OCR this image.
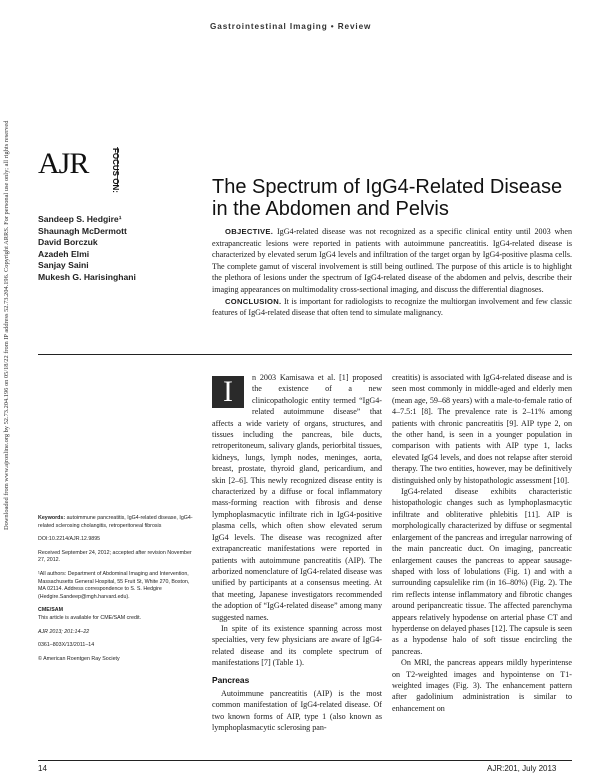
Gastrointestinal Imaging • Review
Downloaded from www.ajronline.org by 52.73.204.196 on 05/18/22 from IP address 52.73.204.196. Copyright ARRS. For personal use only; all rights reserved AJR	FOCUS ON:	The Spectrum of IgG4-Related Disease in the Abdomen and Pelvis
Sandeep S. Hedgire¹
Shaunagh McDermott
David Borczuk
Azadeh Elmi
Sanjay Saini
Mukesh G. Harisinghani

OBJECTIVE. IgG4-related disease was not recognized as a specific clinical entity until 2003 when extrapancreatic lesions were reported in patients with autoimmune pancreatitis. IgG4-related disease is characterized by elevated serum IgG4 levels and infiltration of the target organ by IgG4-positive plasma cells. The complete gamut of visceral involvement is still being outlined. The purpose of this article is to highlight the plethora of lesions under the spectrum of IgG4-related disease of the abdomen and pelvis, describe their imaging appearances on multimodality cross-sectional imaging, and discuss the differential diagnoses.

CONCLUSION. It is important for radiologists to recognize the multiorgan involvement and few classic features of IgG4-related disease that often tend to simulate malignancy.

Keywords: autoimmune pancreatitis, IgG4-related disease, IgG4-related sclerosing cholangitis, retroperitoneal fibrosis

DOI:10.2214/AJR.12.9895

Received September 24, 2012; accepted after revision November 27, 2012.

¹All authors: Department of Abdominal Imaging and Intervention, Massachusetts General Hospital, 55 Fruit St, White 270, Boston, MA 02114. Address correspondence to S. S. Hedgire (Hedgire.Sandeep@mgh.harvard.edu).

CME/SAM
This article is available for CME/SAM credit.

AJR 2013; 201:14–22

0361–803X/13/2011–14

© American Roentgen Ray Society

I	n 2003 Kamisawa et al. [1] proposed the existence of a new clinicopathologic entity termed “IgG4-related autoimmune disease” that affects a wide variety of organs, structures, and tissues including the pancreas, bile ducts, retroperitoneum, salivary glands, periorbital tissues, kidneys, lungs, lymph nodes, meninges, aorta, breast, prostate, thyroid gland, pericardium, and skin [2–6]. This newly recognized disease entity is characterized by a diffuse or focal inflammatory mass-forming reaction with fibrosis and dense lymphoplasmacytic infiltrate rich in IgG4-positive plasma cells, which often show elevated serum IgG4 levels. The disease was recognized after extrapancreatic manifestations were reported in patients with autoimmune pancreatitis (AIP). The arborized nomenclature of IgG4-related disease was unified by participants at a consensus meeting. At that meeting, Japanese investigators recommended the adoption of “IgG4-related disease” among many suggested names.

In spite of its existence spanning across most specialties, very few physicians are aware of IgG4-related disease and its complete spectrum of manifestations [7] (Table 1).

Pancreas

Autoimmune pancreatitis (AIP) is the most common manifestation of IgG4-related disease. Of two known forms of AIP, type 1 (also known as lymphoplasmacytic sclerosing pan-

creatitis) is associated with IgG4-related disease and is seen most commonly in middle-aged and elderly men (mean age, 59–68 years) with a male-to-female ratio of 4–7.5:1 [8]. The prevalence rate is 2–11% among patients with chronic pancreatitis [9]. AIP type 2, on the other hand, is seen in a younger population in comparison with patients with AIP type 1, lacks elevated IgG4 levels, and does not relapse after steroid therapy. The two entities, however, may be definitively distinguished only by histopathologic assessment [10].

IgG4-related disease exhibits characteristic histopathologic changes such as lymphoplasmacytic infiltrate and obliterative phlebitis [11]. AIP is morphologically characterized by diffuse or segmental enlargement of the pancreas and irregular narrowing of the main pancreatic duct. On imaging, pancreatic enlargement causes the pancreas to appear sausage-shaped with loss of lobulations (Fig. 1) and with a surrounding capsulelike rim (in 16–80%) (Fig. 2). The rim reflects intense inflammatory and fibrotic changes around peripancreatic tissue. The affected parenchyma appears relatively hypodense on arterial phase CT and hyperdense on delayed phases [12]. The capsule is seen as a hypodense halo of soft tissue encircling the pancreas.

On MRI, the pancreas appears mildly hyperintense on T2-weighted images and hypointense on T1-weighted images (Fig. 3). The enhancement pattern after gadolinium administration is similar to enhancement on

14	AJR:201, July 2013
